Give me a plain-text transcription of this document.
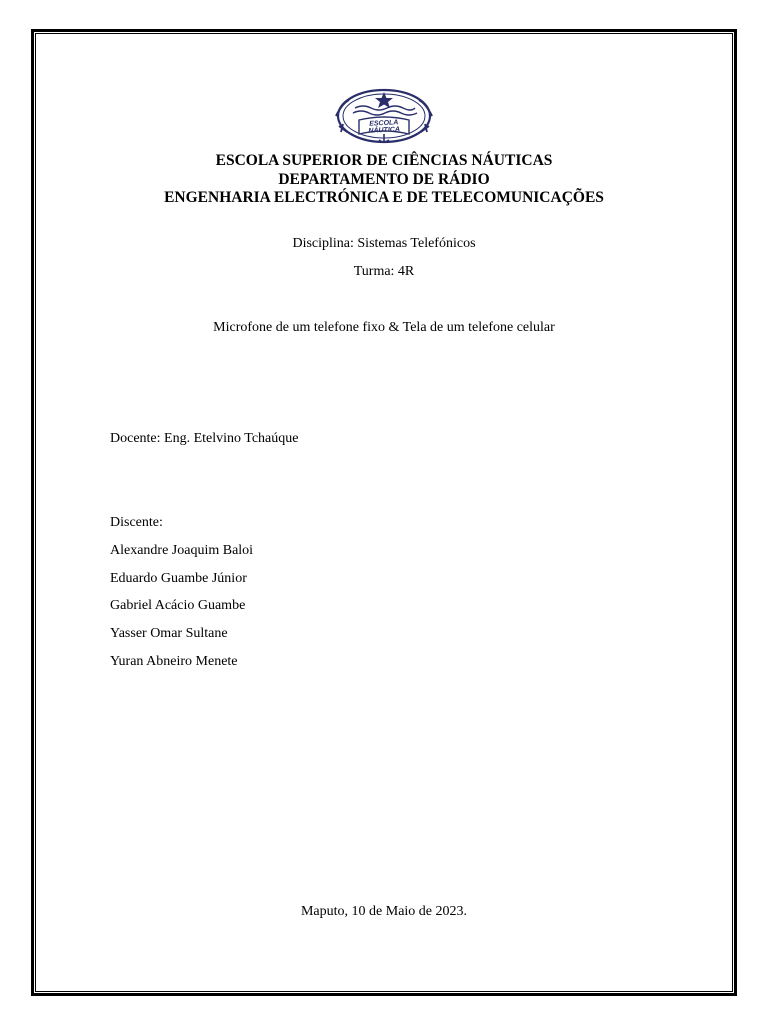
ESCOLA
NÁUTICA
ESCOLA SUPERIOR DE CIÊNCIAS NÁUTICAS
DEPARTAMENTO DE RÁDIO
ENGENHARIA ELECTRÓNICA E DE TELECOMUNICAÇÕES
Disciplina: Sistemas Telefónicos
Turma: 4R
Microfone de um telefone fixo & Tela de um telefone celular
Docente: Eng. Etelvino Tchaúque
Discente:
Alexandre Joaquim Baloi
Eduardo Guambe Júnior
Gabriel Acácio Guambe
Yasser Omar Sultane
Yuran Abneiro Menete
Maputo, 10 de Maio de 2023.
